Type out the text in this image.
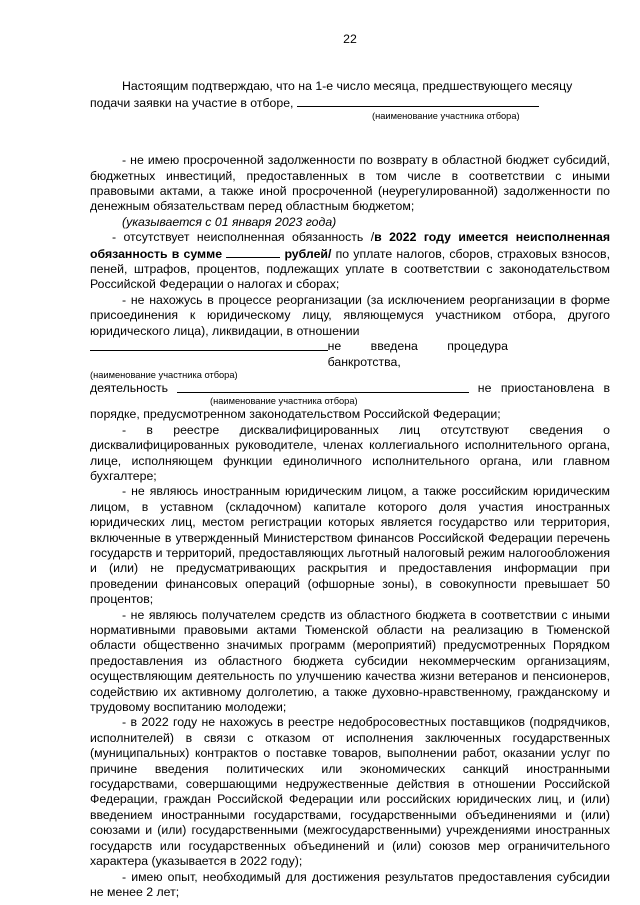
22

Настоящим подтверждаю, что на 1-е число месяца, предшествующего месяцу

подачи заявки на участие в отборе,

(наименование участника отбора)

- не имею просроченной задолженности по возврату в областной бюджет субсидий, бюджетных инвестиций, предоставленных в том числе в соответствии с иными правовыми актами, а также иной просроченной (неурегулированной) задолженности по денежным обязательствам перед областным бюджетом;

(указывается с 01 января 2023 года)

- отсутствует неисполненная обязанность /в 2022 году имеется неисполненная обязанность в сумме	рублей/ по уплате налогов, сборов, страховых взносов, пеней, штрафов, процентов, подлежащих уплате в соответствии с законодательством Российской Федерации о налогах и сборах;

- не нахожусь в процессе реорганизации (за исключением реорганизации в форме присоединения к юридическому лицу, являющемуся участником отбора, другого юридического лица), ликвидации, в отношении

не введена процедура банкротства,

(наименование участника отбора)

деятельность	не приостановлена в

(наименование участника отбора)

порядке, предусмотренном законодательством Российской Федерации;

- в реестре дисквалифицированных лиц отсутствуют сведения о дисквалифицированных руководителе, членах коллегиального исполнительного органа, лице, исполняющем функции единоличного исполнительного органа, или главном бухгалтере;

- не являюсь иностранным юридическим лицом, а также российским юридическим лицом, в уставном (складочном) капитале которого доля участия иностранных юридических лиц, местом регистрации которых является государство или территория, включенные в утвержденный Министерством финансов Российской Федерации перечень государств и территорий, предоставляющих льготный налоговый режим налогообложения и (или) не предусматривающих раскрытия и предоставления информации при проведении финансовых операций (офшорные зоны), в совокупности превышает 50 процентов;

- не являюсь получателем средств из областного бюджета в соответствии с иными нормативными правовыми актами Тюменской области на реализацию в Тюменской области общественно значимых программ (мероприятий) предусмотренных Порядком предоставления из областного бюджета субсидии некоммерческим организациям, осуществляющим деятельность по улучшению качества жизни ветеранов и пенсионеров, содействию их активному долголетию, а также духовно-нравственному, гражданскому и трудовому воспитанию молодежи;

- в 2022 году не нахожусь в реестре недобросовестных поставщиков (подрядчиков, исполнителей) в связи с отказом от исполнения заключенных государственных (муниципальных) контрактов о поставке товаров, выполнении работ, оказании услуг по причине введения политических или экономических санкций иностранными государствами, совершающими недружественные действия в отношении Российской Федерации, граждан Российской Федерации или российских юридических лиц, и (или) введением иностранными государствами, государственными объединениями и (или) союзами и (или) государственными (межгосударственными) учреждениями иностранных государств или государственных объединений и (или) союзов мер ограничительного характера (указывается в 2022 году);

- имею опыт, необходимый для достижения результатов предоставления субсидии не менее 2 лет;
